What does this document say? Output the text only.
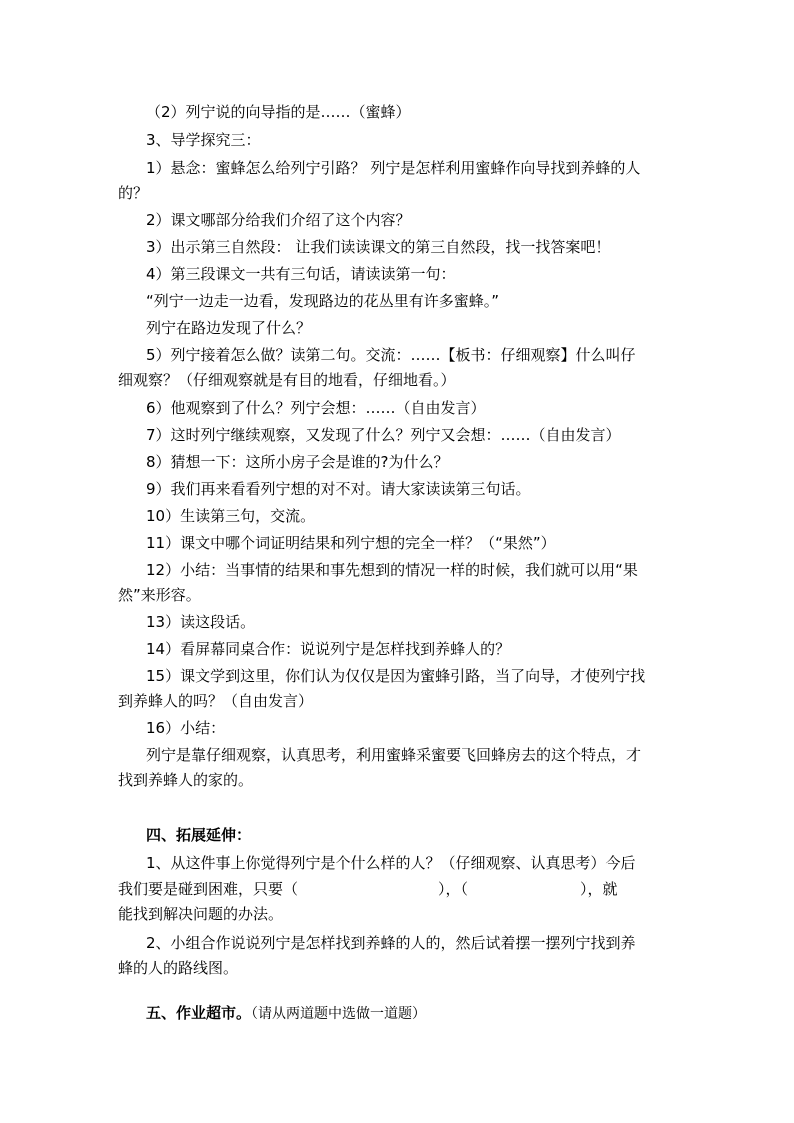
（2）列宁说的向导指的是……（蜜蜂）
3、导学探究三：
1）悬念：蜜蜂怎么给列宁引路？ 列宁是怎样利用蜜蜂作向导找到养蜂的人
的？
2）课文哪部分给我们介绍了这个内容？
3）出示第三自然段： 让我们读读课文的第三自然段，找一找答案吧！
4）第三段课文一共有三句话，请读读第一句：
“列宁一边走一边看，发现路边的花丛里有许多蜜蜂。”
列宁在路边发现了什么？
5）列宁接着怎么做？读第二句。交流：……【板书：仔细观察】什么叫仔
细观察？（仔细观察就是有目的地看，仔细地看。）
6）他观察到了什么？列宁会想：……（自由发言）
7）这时列宁继续观察，又发现了什么？列宁又会想：……（自由发言）
8）猜想一下：这所小房子会是谁的?为什么？
9）我们再来看看列宁想的对不对。请大家读读第三句话。
10）生读第三句，交流。
11）课文中哪个词证明结果和列宁想的完全一样？（“果然”）
12）小结：当事情的结果和事先想到的情况一样的时候，我们就可以用“果
然”来形容。
13）读这段话。
14）看屏幕同桌合作：说说列宁是怎样找到养蜂人的？
15）课文学到这里，你们认为仅仅是因为蜜蜂引路，当了向导，才使列宁找
到养蜂人的吗？（自由发言）
16）小结：
列宁是靠仔细观察，认真思考，利用蜜蜂采蜜要飞回蜂房去的这个特点，才
找到养蜂人的家的。
四、拓展延伸：
1、从这件事上你觉得列宁是个什么样的人？（仔细观察、认真思考）今后
我们要是碰到困难，只要（	），（	），就
能找到解决问题的办法。
2、小组合作说说列宁是怎样找到养蜂的人的，然后试着摆一摆列宁找到养
蜂的人的路线图。
五、作业超市。（请从两道题中选做一道题）
